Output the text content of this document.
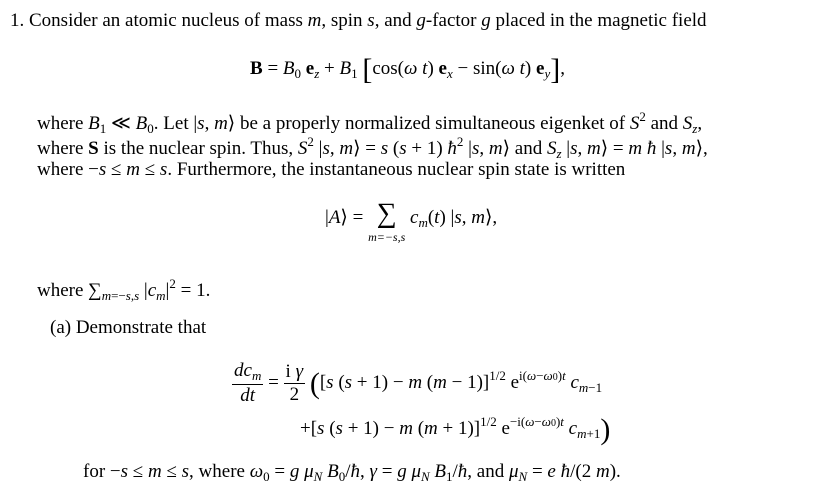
1. Consider an atomic nucleus of mass m, spin s, and g-factor g placed in the magnetic field
$B = B_0$ $e_z + B_1$ [cos(ω t) $e_x - \sin(\omega$ t) $e_y$],
where $B_1$ ≪ $B_0$. Let |s, m⟩ be a properly normalized simultaneous eigenket of $S^2$ and $S_z$,
where S is the nuclear spin. Thus, $S^2$ |s, m⟩ = s (s + 1) $ħ^2$ |s, m⟩ and $S_z$ |s, m⟩ = m ħ |s, m⟩,
where −s ≤ m ≤ s. Furthermore, the instantaneous nuclear spin state is written
|A⟩ = ∑
m=−s,s
$c_m(t)$ |s, m⟩,
where $\sum_{m=-s,s}$ $|c_m|^2 = 1$.
(a) Demonstrate that
$\frac{dc_m}{dt} = \frac{\text{i γ}}{2} ([s$ (s + 1) − m (m − 1)]$^{1/2}$ $e^{i(\omega-\omega 0)t}$ $c_{m-1}$
+[s (s + 1) − m (m + 1)]$^{1/2}$ $e^{-i(\omega-\omega 0)t}$ $c_{m+1}$)
for −s ≤ m ≤ s, where $\omega_0 = g$ $\mu_N$ $B_0/ħ$, γ = g $\mu_N$ $B_1/ħ$, and $\mu_N = e$ ħ/(2 m).
